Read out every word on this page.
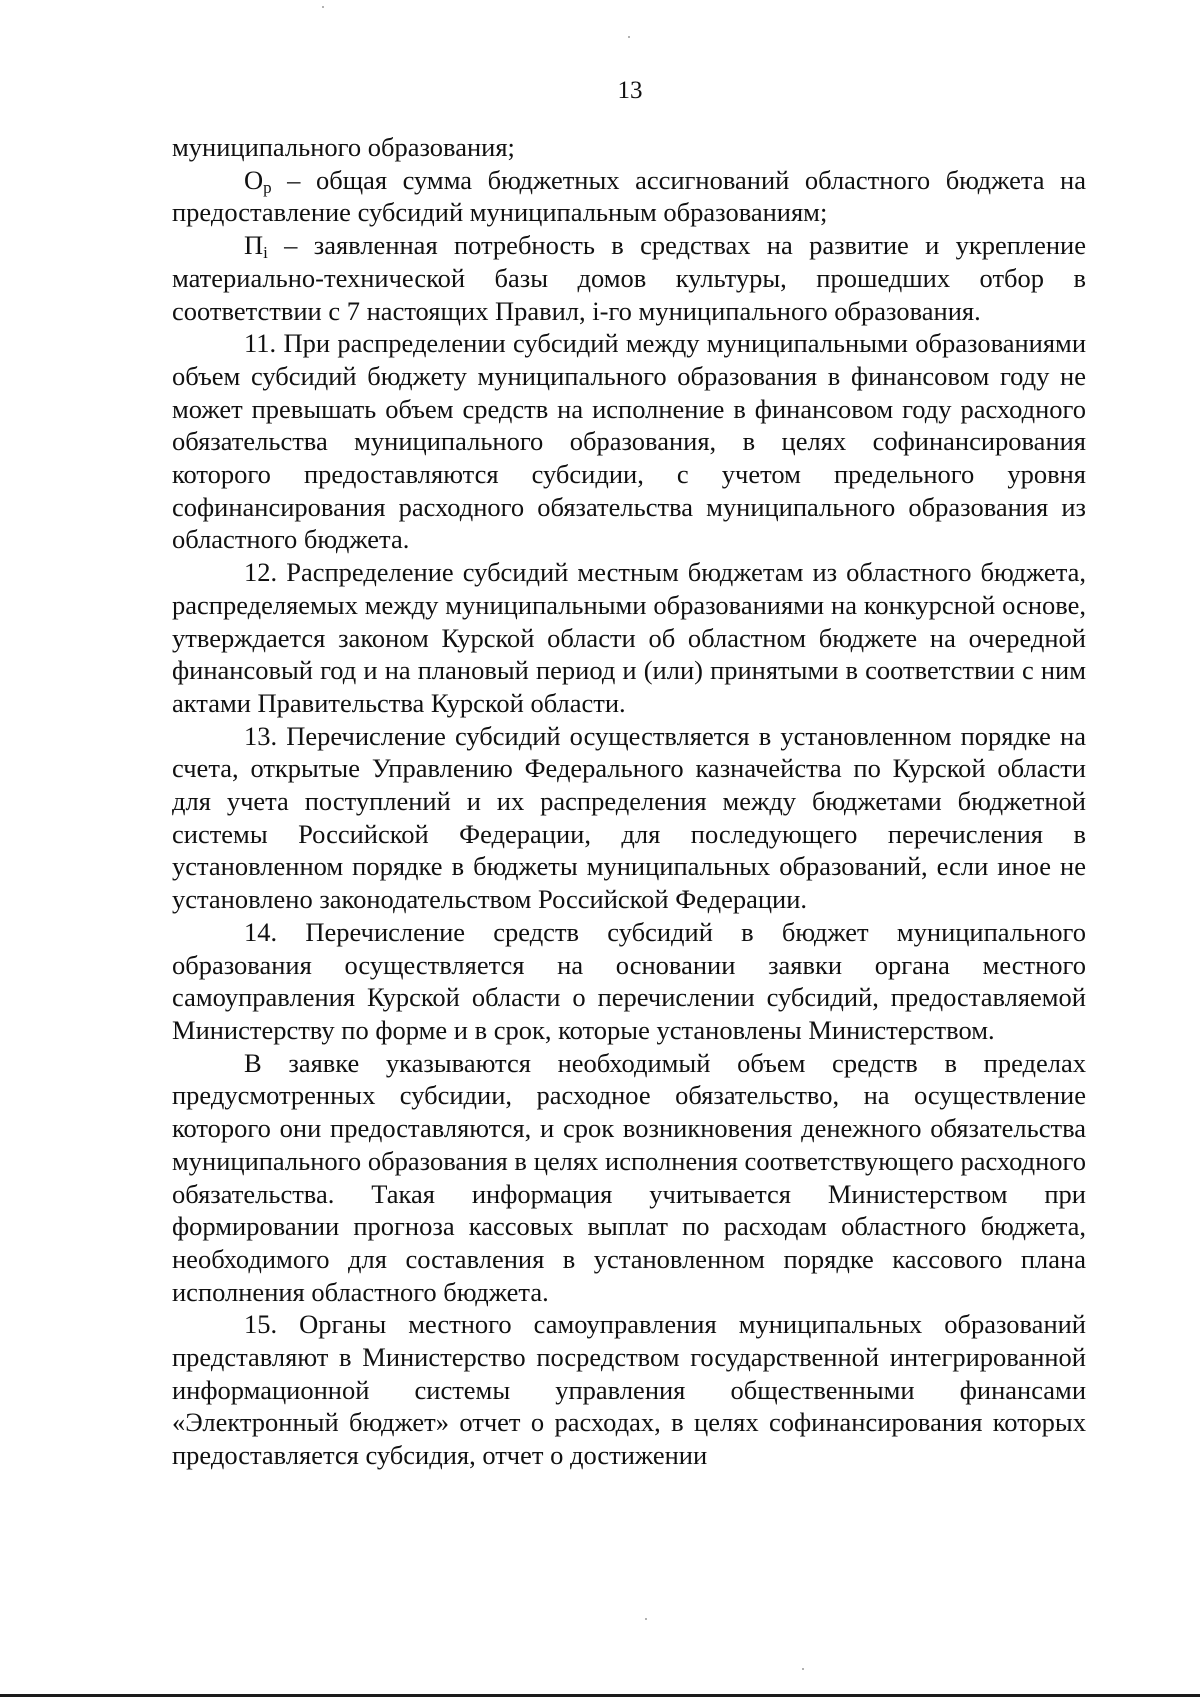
13

муниципального образования;

$О_р$ – общая сумма бюджетных ассигнований областного бюджета на предоставление субсидий муниципальным образованиям;

$П_i$ – заявленная потребность в средствах на развитие и укрепление материально-технической базы домов культуры, прошедших отбор в соответствии с 7 настоящих Правил, i-го муниципального образования.

11. При распределении субсидий между муниципальными образованиями объем субсидий бюджету муниципального образования в финансовом году не может превышать объем средств на исполнение в финансовом году расходного обязательства муниципального образования, в целях софинансирования которого предоставляются субсидии, с учетом предельного уровня софинансирования расходного обязательства муниципального образования из областного бюджета.

12. Распределение субсидий местным бюджетам из областного бюджета, распределяемых между муниципальными образованиями на конкурсной основе, утверждается законом Курской области об областном бюджете на очередной финансовый год и на плановый период и (или) принятыми в соответствии с ним актами Правительства Курской области.

13. Перечисление субсидий осуществляется в установленном порядке на счета, открытые Управлению Федерального казначейства по Курской области для учета поступлений и их распределения между бюджетами бюджетной системы Российской Федерации, для последующего перечисления в установленном порядке в бюджеты муниципальных образований, если иное не установлено законодательством Российской Федерации.

14. Перечисление средств субсидий в бюджет муниципального образования осуществляется на основании заявки органа местного самоуправления Курской области о перечислении субсидий, предоставляемой Министерству по форме и в срок, которые установлены Министерством.

В заявке указываются необходимый объем средств в пределах предусмотренных субсидии, расходное обязательство, на осуществление которого они предоставляются, и срок возникновения денежного обязательства муниципального образования в целях исполнения соответствующего расходного обязательства. Такая информация учитывается Министерством при формировании прогноза кассовых выплат по расходам областного бюджета, необходимого для составления в установленном порядке кассового плана исполнения областного бюджета.

15. Органы местного самоуправления муниципальных образований представляют в Министерство посредством государственной интегрированной информационной системы управления общественными финансами «Электронный бюджет» отчет о расходах, в целях софинансирования которых предоставляется субсидия, отчет о достижении
